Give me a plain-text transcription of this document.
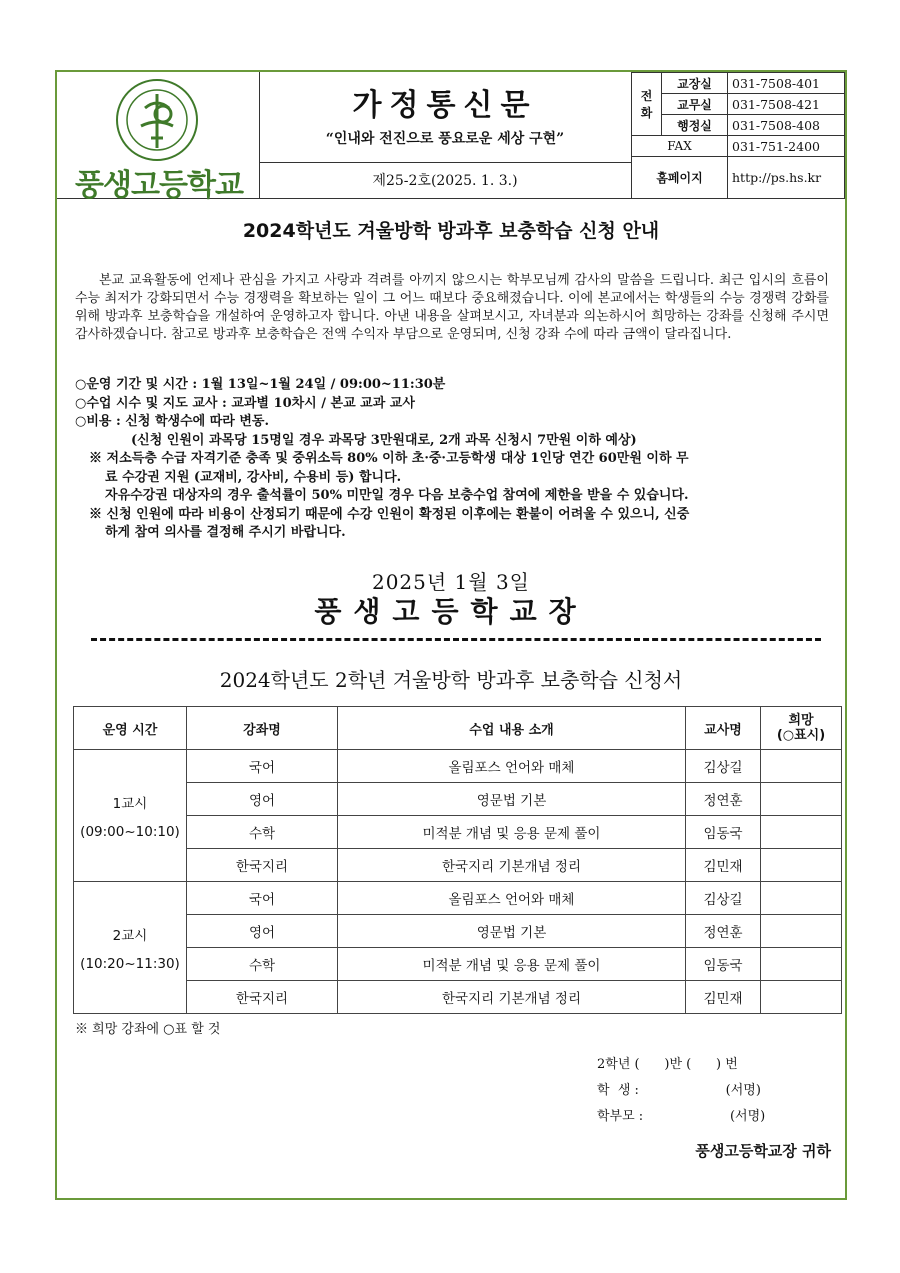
풍생고등학교
가정통신문
“인내와 전진으로 풍요로운 세상 구현”
제25-2호(2025. 1. 3.)
전화	교장실	031-7508-401
	교무실	031-7508-421
	행정실	031-7508-408
FAX		031-751-2400
홈페이지		http://ps.hs.kr
2024학년도 겨울방학 방과후 보충학습 신청 안내
본교 교육활동에 언제나 관심을 가지고 사랑과 격려를 아끼지 않으시는 학부모님께 감사의 말씀을 드립니다. 최근 입시의 흐름이 수능 최저가 강화되면서 수능 경쟁력을 확보하는 일이 그 어느 때보다 중요해졌습니다. 이에 본교에서는 학생들의 수능 경쟁력 강화를 위해 방과후 보충학습을 개설하여 운영하고자 합니다. 아낸 내용을 살펴보시고, 자녀분과 의논하시어 희망하는 강좌를 신청해 주시면 감사하겠습니다. 참고로 방과후 보충학습은 전액 수익자 부담으로 운영되며, 신청 강좌 수에 따라 금액이 달라집니다.
○운영 기간 및 시간 : 1월 13일~1월 24일 / 09:00~11:30분
○수업 시수 및 지도 교사 : 교과별 10차시 / 본교 교과 교사
○비용 : 신청 학생수에 따라 변동.
(신청 인원이 과목당 15명일 경우 과목당 3만원대로, 2개 과목 신청시 7만원 이하 예상)
※ 저소득층 수급 자격기준 충족 및 중위소득 80% 이하 초·중·고등학생 대상 1인당 연간 60만원 이하 무
료 수강권 지원 (교재비, 강사비, 수용비 등) 합니다.
자유수강권 대상자의 경우 출석률이 50% 미만일 경우 다음 보충수업 참여에 제한을 받을 수 있습니다.
※ 신청 인원에 따라 비용이 산정되기 때문에 수강 인원이 확정된 이후에는 환불이 어려울 수 있으니, 신중
하게 참여 의사를 결정해 주시기 바랍니다.
2025년 1월 3일
풍생고등학교장
2024학년도 2학년 겨울방학 방과후 보충학습 신청서
운영 시간	강좌명	수업 내용 소개	교사명	희망
(○표시)

1교시
(09:00~10:10)	국어	올림포스 언어와 매체	김상길	
	영어	영문법 기본	정연훈	
	수학	미적분 개념 및 응용 문제 풀이	임동국	
	한국지리	한국지리 기본개념 정리	김민재	

2교시
(10:20~11:30)	국어	올림포스 언어와 매체	김상길	
	영어	영문법 기본	정연훈	
	수학	미적분 개념 및 응용 문제 풀이	임동국	
	한국지리	한국지리 기본개념 정리	김민재	
※ 희망 강좌에 ○표 할 것
2학년 (      )반 (      ) 번
학  생 :                     (서명)
학부모 :                     (서명)
풍생고등학교장 귀하
